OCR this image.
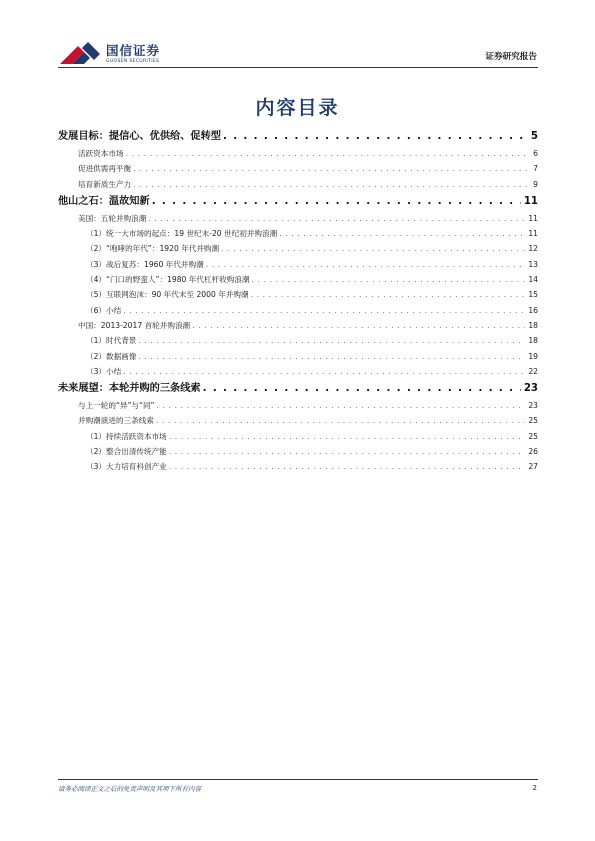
国信证券
GUOSEN SECURITIES	证券研究报告
内容目录
发展目标：提信心、优供给、促转型 . . .	5
活跃资本市场 . . .	6
促进供需再平衡 . . .	7
培育新质生产力 . . .	9
他山之石：温故知新 . . .	11
美国：五轮并购浪潮 . . .	11
（1）统一大市场的起点：19 世纪末-20 世纪初并购浪潮 . . .	11
（2）“咆哮的年代”：1920 年代并购潮 . . .	12
（3）战后复苏：1960 年代并购潮 . . .	13
（4）“门口的野蛮人”：1980 年代杠杆收购浪潮 . . .	14
（5）互联网泡沫：90 年代末至 2000 年并购潮 . . .	15
（6）小结 . . .	16
中国：2013-2017 首轮并购浪潮 . . .	18
（1）时代背景 . . .	18
（2）数据画像 . . .	19
（3）小结 . . .	22
未来展望：本轮并购的三条线索 . . .	23
与上一轮的“异”与“同” . . .	23
并购潮演进的三条线索 . . .	25
（1）持续活跃资本市场 . . .	25
（2）整合出清传统产能 . . .	26
（3）大力培育科创产业 . . .	27
请务必阅读正文之后的免责声明及其项下所有内容	2
